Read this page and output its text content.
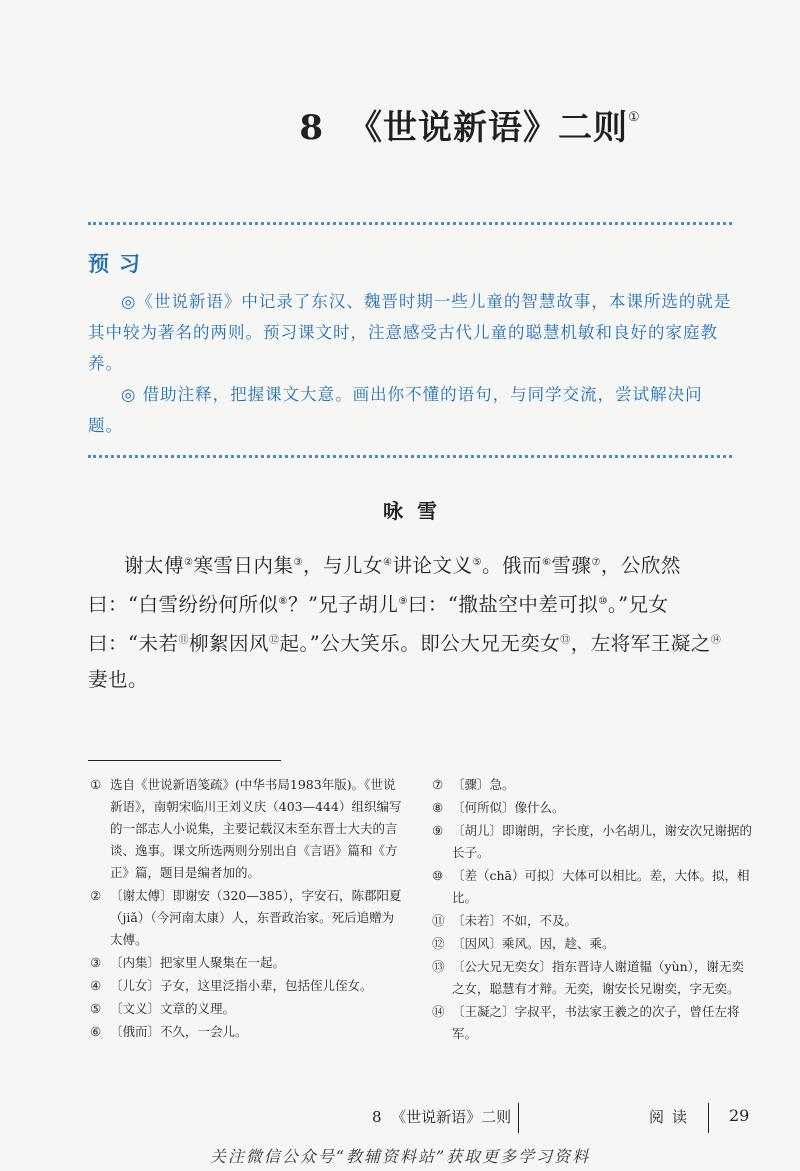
8 《世说新语》二则①
预习

◎《世说新语》中记录了东汉、魏晋时期一些儿童的智慧故事，本课所选的就是其中较为著名的两则。预习课文时，注意感受古代儿童的聪慧机敏和良好的家庭教养。

◎ 借助注释，把握课文大意。画出你不懂的语句，与同学交流，尝试解决问题。

咏雪

谢太傅②寒雪日内集③，与儿女④讲论文义⑤。俄而⑥雪骤⑦，公欣然曰：“白雪纷纷何所似⑧？”兄子胡儿⑨曰：“撒盐空中差可拟⑩。”兄女曰：“未若⑪柳絮因风⑫起。”公大笑乐。即公大兄无奕女⑬，左将军王凝之⑭妻也。

① 选自《世说新语笺疏》(中华书局1983年版)。《世说新语》，南朝宋临川王刘义庆（403—444）组织编写的一部志人小说集，主要记载汉末至东晋士大夫的言谈、逸事。课文所选两则分别出自《言语》篇和《方正》篇，题目是编者加的。
② 〔谢太傅〕即谢安（320—385），字安石，陈郡阳夏（jiǎ）（今河南太康）人，东晋政治家。死后追赠为太傅。
③ 〔内集〕把家里人聚集在一起。
④ 〔儿女〕子女，这里泛指小辈，包括侄儿侄女。
⑤ 〔文义〕文章的义理。
⑥ 〔俄而〕不久，一会儿。
⑦ 〔骤〕急。
⑧ 〔何所似〕像什么。
⑨ 〔胡儿〕即谢朗，字长度，小名胡儿，谢安次兄谢据的长子。
⑩ 〔差（chā）可拟〕大体可以相比。差，大体。拟，相比。
⑪ 〔未若〕不如，不及。
⑫ 〔因风〕乘风。因，趁、乘。
⑬ 〔公大兄无奕女〕指东晋诗人谢道韫（yùn），谢无奕之女，聪慧有才辩。无奕，谢安长兄谢奕，字无奕。
⑭ 〔王凝之〕字叔平，书法家王羲之的次子，曾任左将军。
8 《世说新语》二则	阅读 29
关注微信公众号“教辅资料站”获取更多学习资料
